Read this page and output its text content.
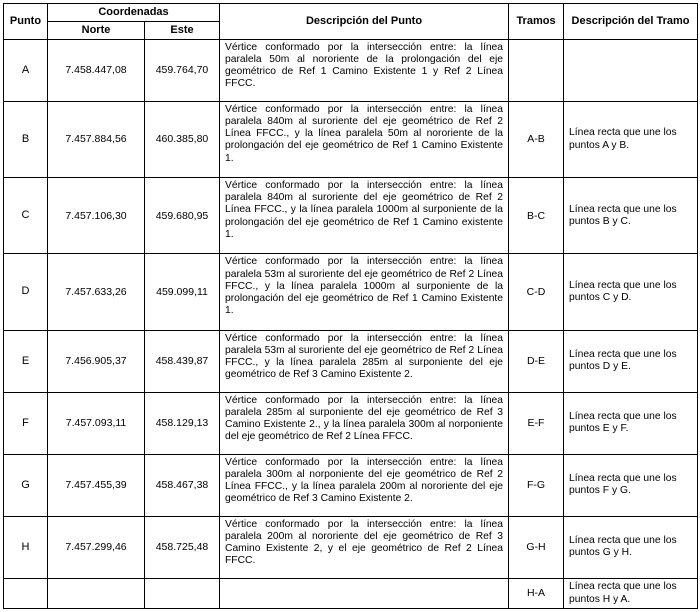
Punto	Coordenadas		Descripción del Punto	Tramos	Descripción del Tramo
	Norte	Este			
A	7.458.447,08	459.764,70	Vértice conformado por la intersección entre: la línea paralela 50m al nororiente de la prolongación del eje geométrico de Ref 1 Camino Existente 1 y Ref 2 Línea FFCC.		
B	7.457.884,56	460.385,80	Vértice conformado por la intersección entre: la línea paralela 840m al suroriente del eje geométrico de Ref 2 Línea FFCC., y la línea paralela 50m al nororiente de la prolongación del eje geométrico de Ref 1 Camino Existente 1.	A-B	Línea recta que une los puntos A y B.
C	7.457.106,30	459.680,95	Vértice conformado por la intersección entre: la línea paralela 840m al suroriente del eje geométrico de Ref 2 Línea FFCC., y la línea paralela 1000m al surponiente de la prolongación del eje geométrico de Ref 1 Camino existente 1.	B-C	Línea recta que une los puntos B y C.
D	7.457.633,26	459.099,11	Vértice conformado por la intersección entre: la línea paralela 53m al suroriente del eje geométrico de Ref 2 Línea FFCC., y la línea paralela 1000m al surponiente de la prolongación del eje geométrico de Ref 1 Camino Existente 1.	C-D	Línea recta que une los puntos C y D.
E	7.456.905,37	458.439,87	Vértice conformado por la intersección entre: la línea paralela 53m al suroriente del eje geométrico de Ref 2 Línea FFCC., y la línea paralela 285m al surponiente del eje geométrico de Ref 3 Camino Existente 2.	D-E	Línea recta que une los puntos D y E.
F	7.457.093,11	458.129,13	Vértice conformado por la intersección entre: la línea paralela 285m al surponiente del eje geométrico de Ref 3 Camino Existente 2., y la línea paralela 300m al norponiente del eje geométrico de Ref 2 Línea FFCC.	E-F	Línea recta que une los puntos E y F.
G	7.457.455,39	458.467,38	Vértice conformado por la intersección entre: la línea paralela 300m al norponiente del eje geométrico de Ref 2 Línea FFCC., y la línea paralela 200m al nororiente del eje geométrico de Ref 3 Camino Existente 2.	F-G	Línea recta que une los puntos F y G.
H	7.457.299,46	458.725,48	Vértice conformado por la intersección entre: la línea paralela 200m al nororiente del eje geométrico de Ref 3 Camino Existente 2, y el eje geométrico de Ref 2 Línea FFCC.	G-H	Línea recta que une los puntos G y H.
				H-A	Línea recta que une los puntos H y A.
